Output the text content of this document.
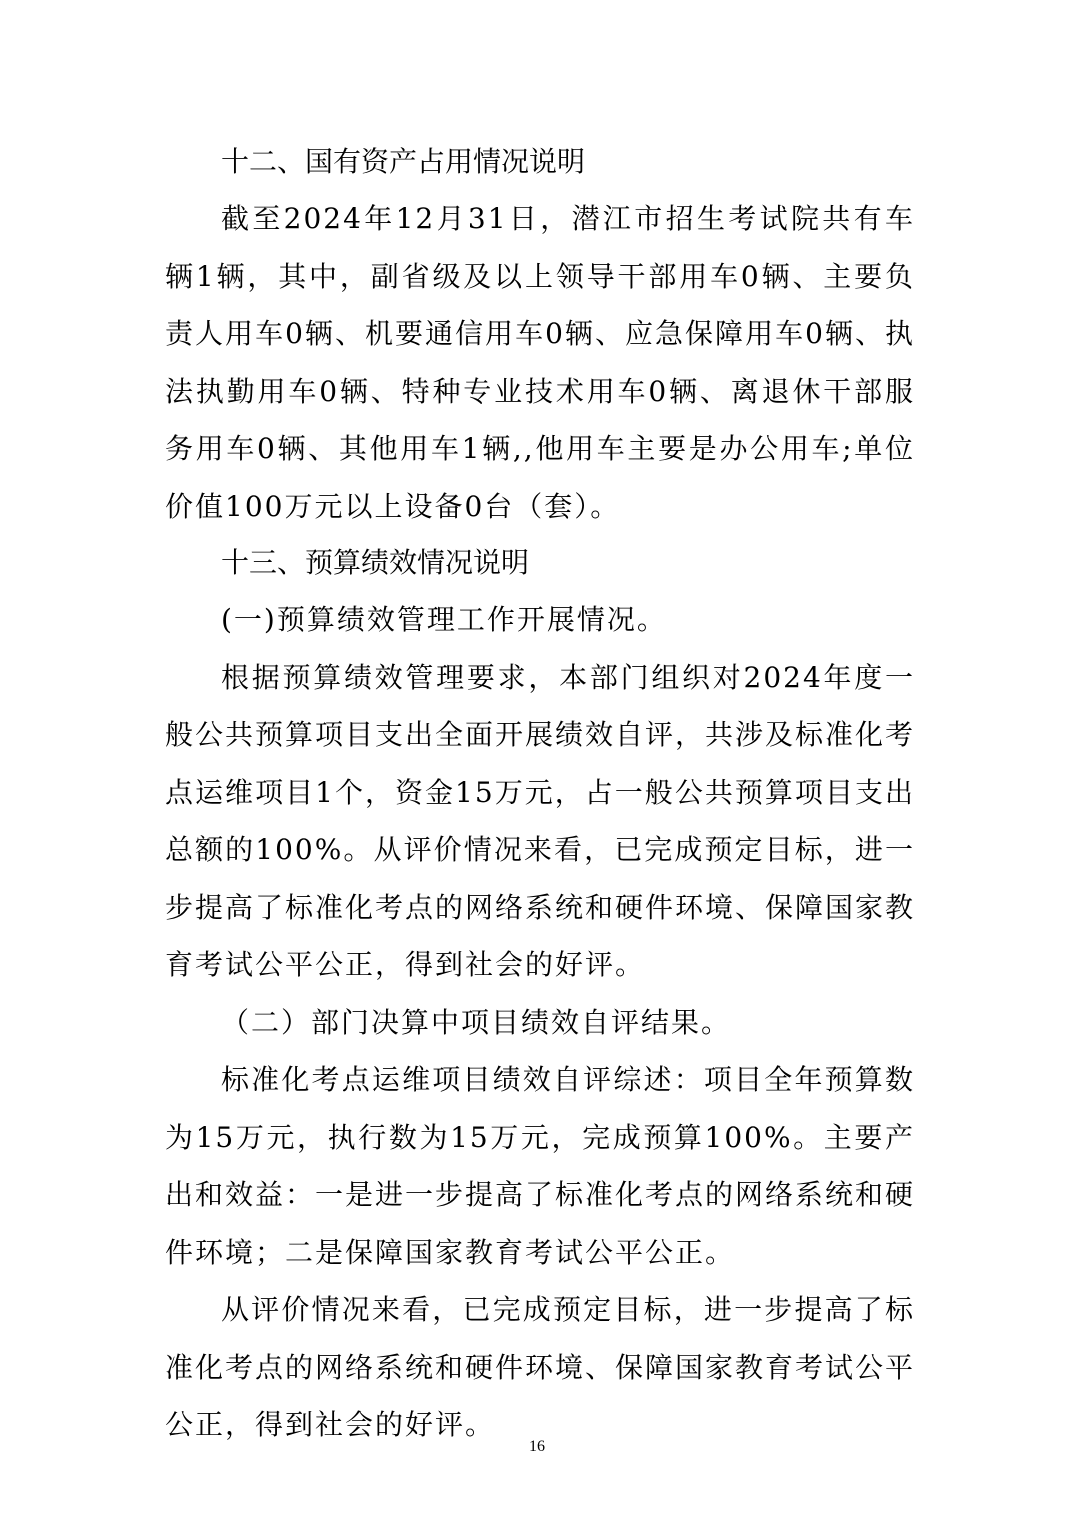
十二、国有资产占用情况说明

截至2024年12月31日，潜江市招生考试院共有车辆1辆，其中，副省级及以上领导干部用车0辆、主要负责人用车0辆、机要通信用车0辆、应急保障用车0辆、执法执勤用车0辆、特种专业技术用车0辆、离退休干部服务用车0辆、其他用车1辆,,他用车主要是办公用车;单位价值100万元以上设备0台（套）。

十三、预算绩效情况说明

(一)预算绩效管理工作开展情况。

根据预算绩效管理要求，本部门组织对2024年度一般公共预算项目支出全面开展绩效自评，共涉及标准化考点运维项目1个，资金15万元，占一般公共预算项目支出总额的100%。从评价情况来看，已完成预定目标，进一步提高了标准化考点的网络系统和硬件环境、保障国家教育考试公平公正，得到社会的好评。

（二）部门决算中项目绩效自评结果。

标准化考点运维项目绩效自评综述：项目全年预算数为15万元，执行数为15万元，完成预算100%。主要产出和效益：一是进一步提高了标准化考点的网络系统和硬件环境；二是保障国家教育考试公平公正。

从评价情况来看，已完成预定目标，进一步提高了标准化考点的网络系统和硬件环境、保障国家教育考试公平公正，得到社会的好评。

16
